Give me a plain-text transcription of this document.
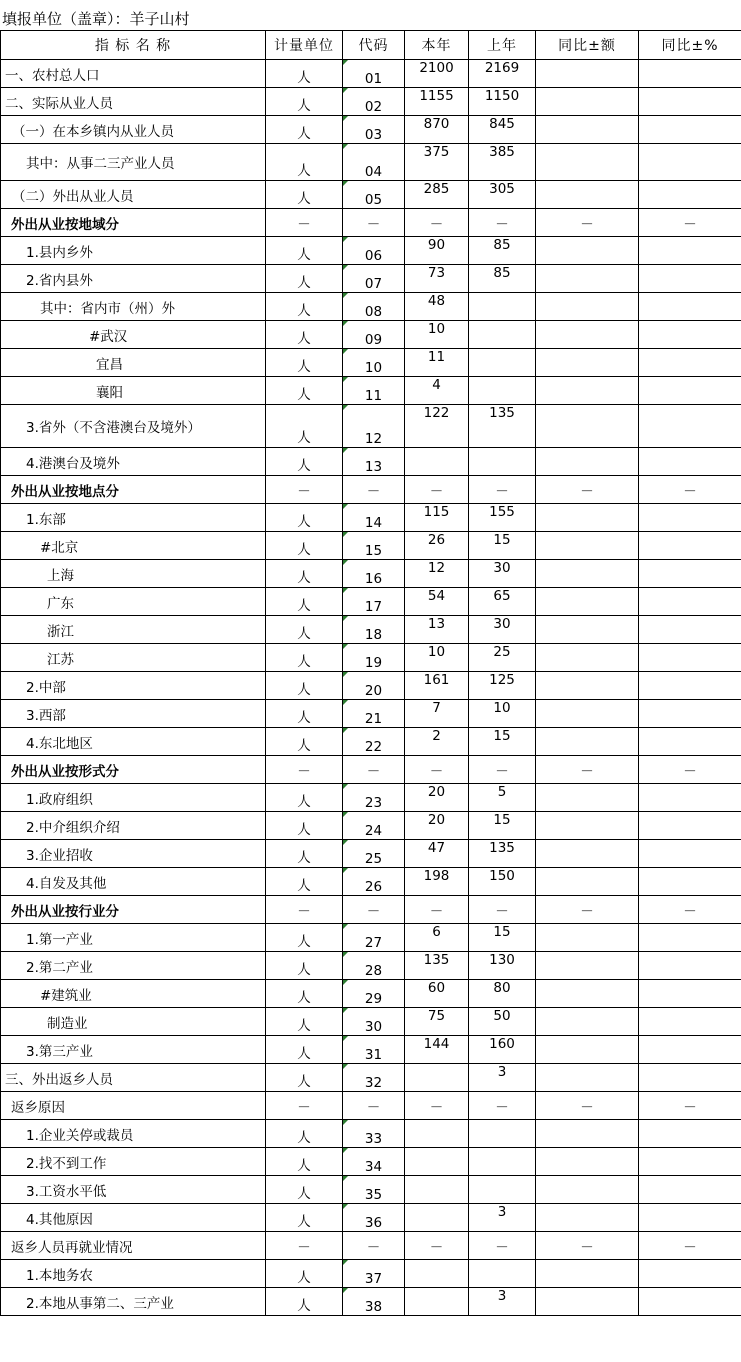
填报单位（盖章）：羊子山村
指 标 名 称	计量单位	代码	本年	上年	同比±额	同比±%
一、农村总人口	人	01	2100	2169		
二、实际从业人员	人	02	1155	1150		
（一）在本乡镇内从业人员	人	03	870	845		
其中：从事二三产业人员	人	04	375	385		
（二）外出从业人员	人	05	285	305		
外出从业按地域分	－	－	－	－	－	－
1.县内乡外	人	06	90	85		
2.省内县外	人	07	73	85		
其中：省内市（州）外	人	08	48			
#武汉	人	09	10			
宜昌	人	10	11			
襄阳	人	11	4			
3.省外（不含港澳台及境外）	人	12	122	135		
4.港澳台及境外	人	13				
外出从业按地点分	－	－	－	－	－	－
1.东部	人	14	115	155		
#北京	人	15	26	15		
上海	人	16	12	30		
广东	人	17	54	65		
浙江	人	18	13	30		
江苏	人	19	10	25		
2.中部	人	20	161	125		
3.西部	人	21	7	10		
4.东北地区	人	22	2	15		
外出从业按形式分	－	－	－	－	－	－
1.政府组织	人	23	20	5		
2.中介组织介绍	人	24	20	15		
3.企业招收	人	25	47	135		
4.自发及其他	人	26	198	150		
外出从业按行业分	－	－	－	－	－	－
1.第一产业	人	27	6	15		
2.第二产业	人	28	135	130		
#建筑业	人	29	60	80		
制造业	人	30	75	50		
3.第三产业	人	31	144	160		
三、外出返乡人员	人	32		3		
返乡原因	－	－	－	－	－	－
1.企业关停或裁员	人	33				
2.找不到工作	人	34				
3.工资水平低	人	35				
4.其他原因	人	36		3		
返乡人员再就业情况	－	－	－	－	－	－
1.本地务农	人	37				
2.本地从事第二、三产业	人	38		3		
